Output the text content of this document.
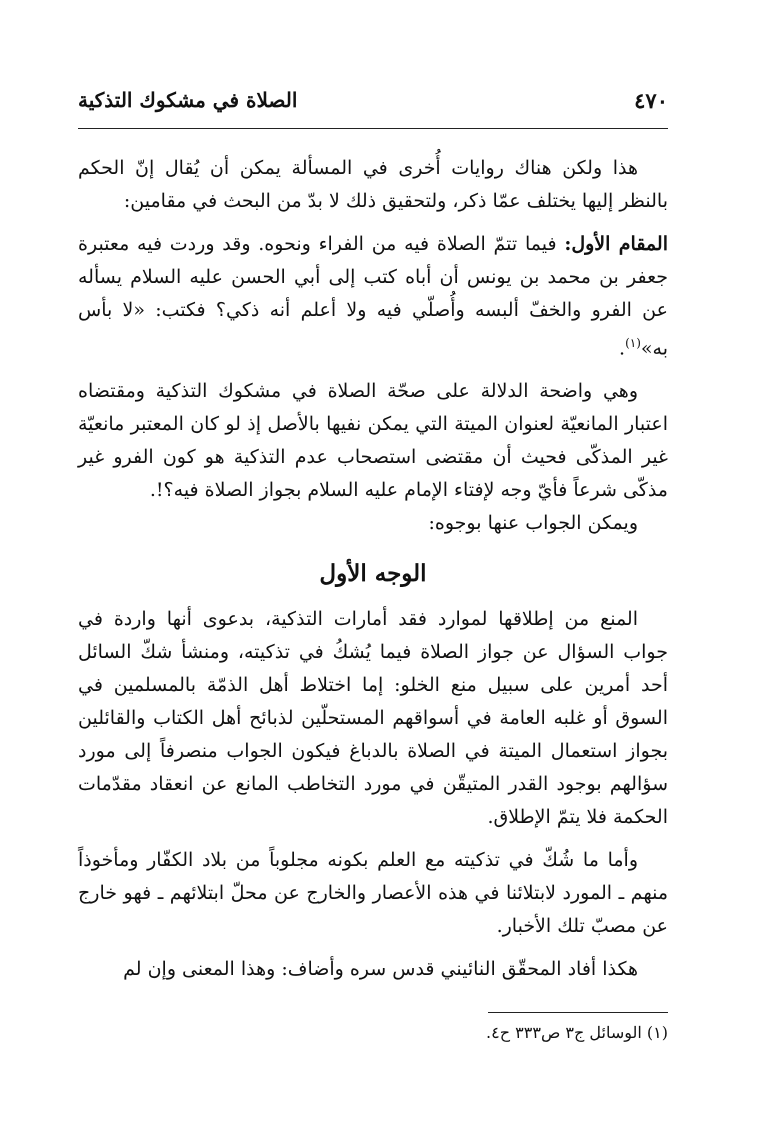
٤٧٠
الصلاة في مشكوك التذكية

هذا ولكن هناك روايات أُخرى في المسألة يمكن أن يُقال إنّ الحكم بالنظر إليها يختلف عمّا ذكر، ولتحقيق ذلك لا بدّ من البحث في مقامين:

المقام الأول: فيما تتمّ الصلاة فيه من الفراء ونحوه. وقد وردت فيه معتبرة جعفر بن محمد بن يونس أن أباه كتب إلى أبي الحسن عليه السلام يسأله عن الفرو والخفّ ألبسه وأُصلّي فيه ولا أعلم أنه ذكي؟ فكتب: «لا بأس به»$^{(١)}$.

وهي واضحة الدلالة على صحّة الصلاة في مشكوك التذكية ومقتضاه اعتبار المانعيّة لعنوان الميتة التي يمكن نفيها بالأصل إذ لو كان المعتبر مانعيّة غير المذكّى فحيث أن مقتضى استصحاب عدم التذكية هو كون الفرو غير مذكّى شرعاً فأيّ وجه لإفتاء الإمام عليه السلام بجواز الصلاة فيه؟!.

ويمكن الجواب عنها بوجوه:

الوجه الأول

المنع من إطلاقها لموارد فقد أمارات التذكية، بدعوى أنها واردة في جواب السؤال عن جواز الصلاة فيما يُشكُ في تذكيته، ومنشأ شكّ السائل أحد أمرين على سبيل منع الخلو: إما اختلاط أهل الذمّة بالمسلمين في السوق أو غلبه العامة في أسواقهم المستحلّين لذبائح أهل الكتاب والقائلين بجواز استعمال الميتة في الصلاة بالدباغ فيكون الجواب منصرفاً إلى مورد سؤالهم بوجود القدر المتيقّن في مورد التخاطب المانع عن انعقاد مقدّمات الحكمة فلا يتمّ الإطلاق.

وأما ما شُكّ في تذكيته مع العلم بكونه مجلوباً من بلاد الكفّار ومأخوذاً منهم ـ المورد لابتلائنا في هذه الأعصار والخارج عن محلّ ابتلائهم ـ فهو خارج عن مصبّ تلك الأخبار.

هكذا أفاد المحقّق النائيني قدس سره وأضاف: وهذا المعنى وإن لم

(١) الوسائل ج٣ ص٣٣٣ ح٤.
